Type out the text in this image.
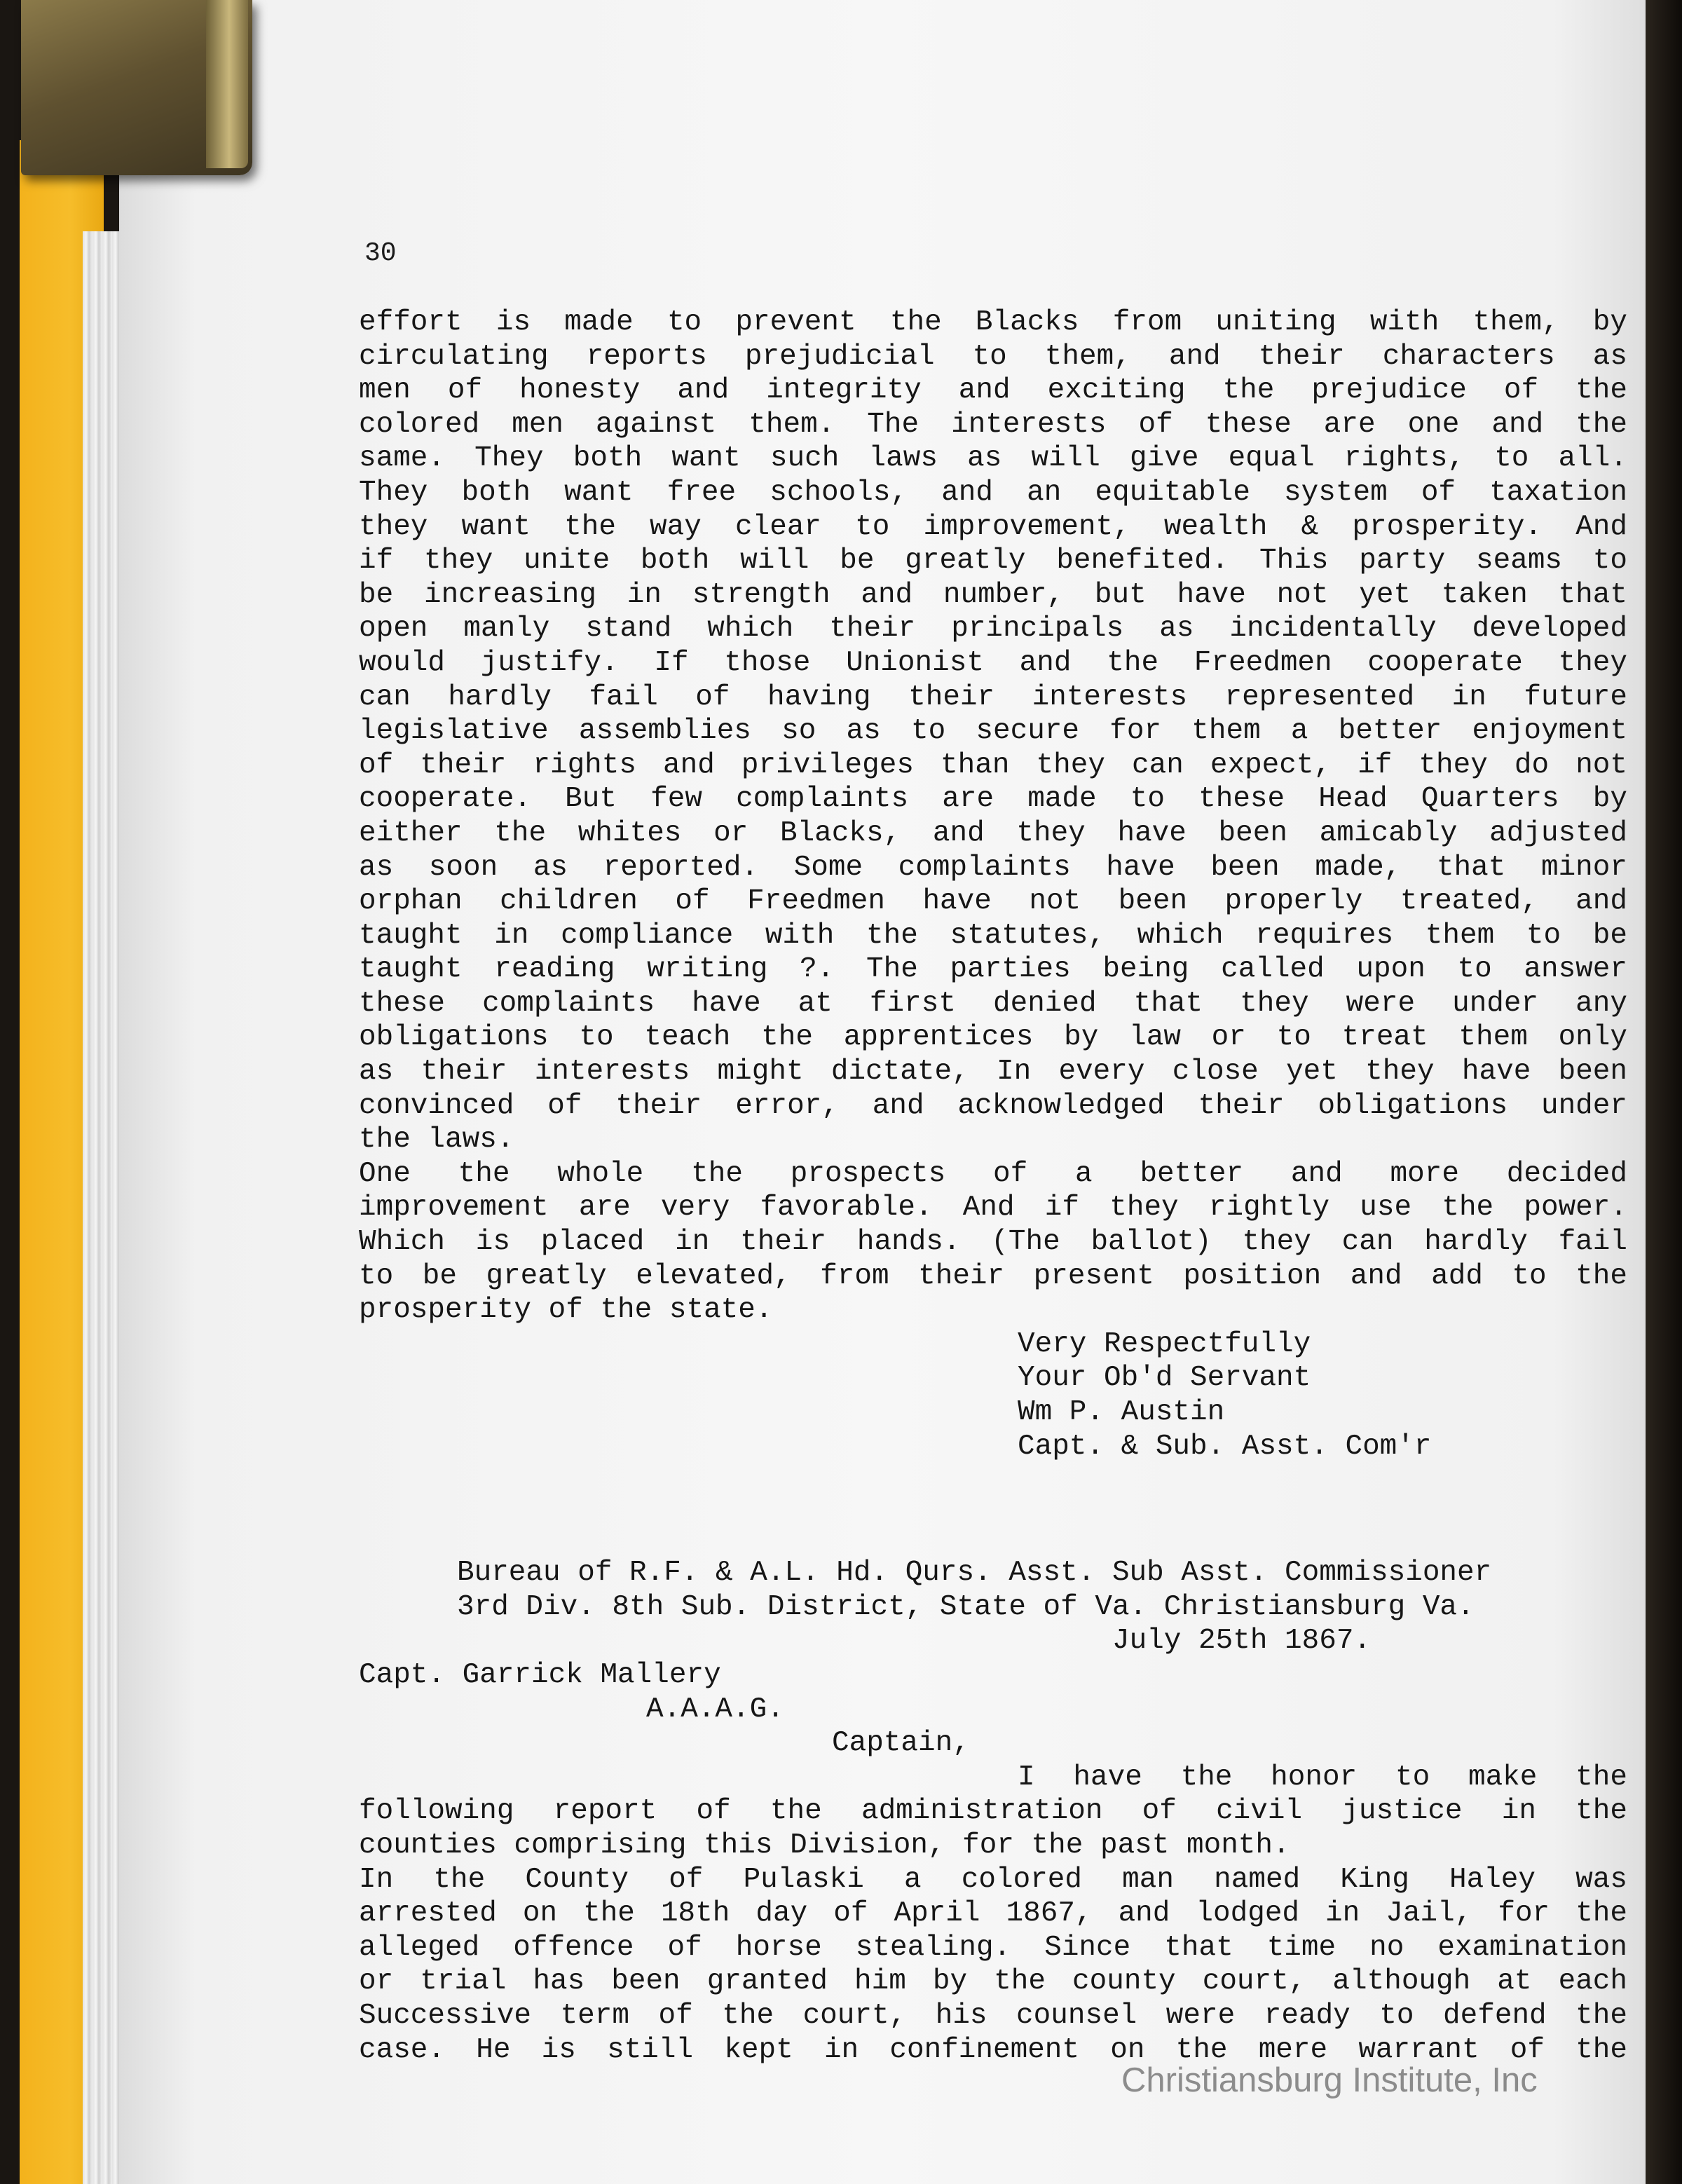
30
effort is made to prevent the Blacks from uniting with them, by
circulating reports prejudicial to them, and their characters as
men of honesty and integrity and exciting the prejudice of the
colored men against them. The interests of these are one and the
same. They both want such laws as will give equal rights, to all.
They both want free schools, and an equitable system of taxation
they want the way clear to improvement, wealth & prosperity. And
if they unite both will be greatly benefited. This party seams to
be increasing in strength and number, but have not yet taken that
open manly stand which their principals as incidentally developed
would justify. If those Unionist and the Freedmen cooperate they
can hardly fail of having their interests represented in future
legislative assemblies so as to secure for them a better enjoyment
of their rights and privileges than they can expect, if they do not
cooperate. But few complaints are made to these Head Quarters by
either the whites or Blacks, and they have been amicably adjusted
as soon as reported. Some complaints have been made, that minor
orphan children of Freedmen have not been properly treated, and
taught in compliance with the statutes, which requires them to be
taught reading writing ?. The parties being called upon to answer
these complaints have at first denied that they were under any
obligations to teach the apprentices by law or to treat them only
as their interests might dictate, In every close yet they have been
convinced of their error, and acknowledged their obligations under
the laws.
One the whole the prospects of a better and more decided
improvement are very favorable. And if they rightly use the power.
Which is placed in their hands. (The ballot) they can hardly fail
to be greatly elevated, from their present position and add to the
prosperity of the state.
Very Respectfully
Your Ob'd Servant
Wm P. Austin
Capt. & Sub. Asst. Com'r
Bureau of R.F. & A.L. Hd. Qurs. Asst. Sub Asst. Commissioner
3rd Div. 8th Sub. District, State of Va. Christiansburg Va.
July 25th 1867.
Capt. Garrick Mallery
A.A.A.G.
Captain,
I have the honor to make the
following report of the administration of civil justice in the
counties comprising this Division, for the past month.
In the County of Pulaski a colored man named King Haley was
arrested on the 18th day of April 1867, and lodged in Jail, for the
alleged offence of horse stealing. Since that time no examination
or trial has been granted him by the county court, although at each
Successive term of the court, his counsel were ready to defend the
case. He is still kept in confinement on the mere warrant of the
Christiansburg Institute, Inc
